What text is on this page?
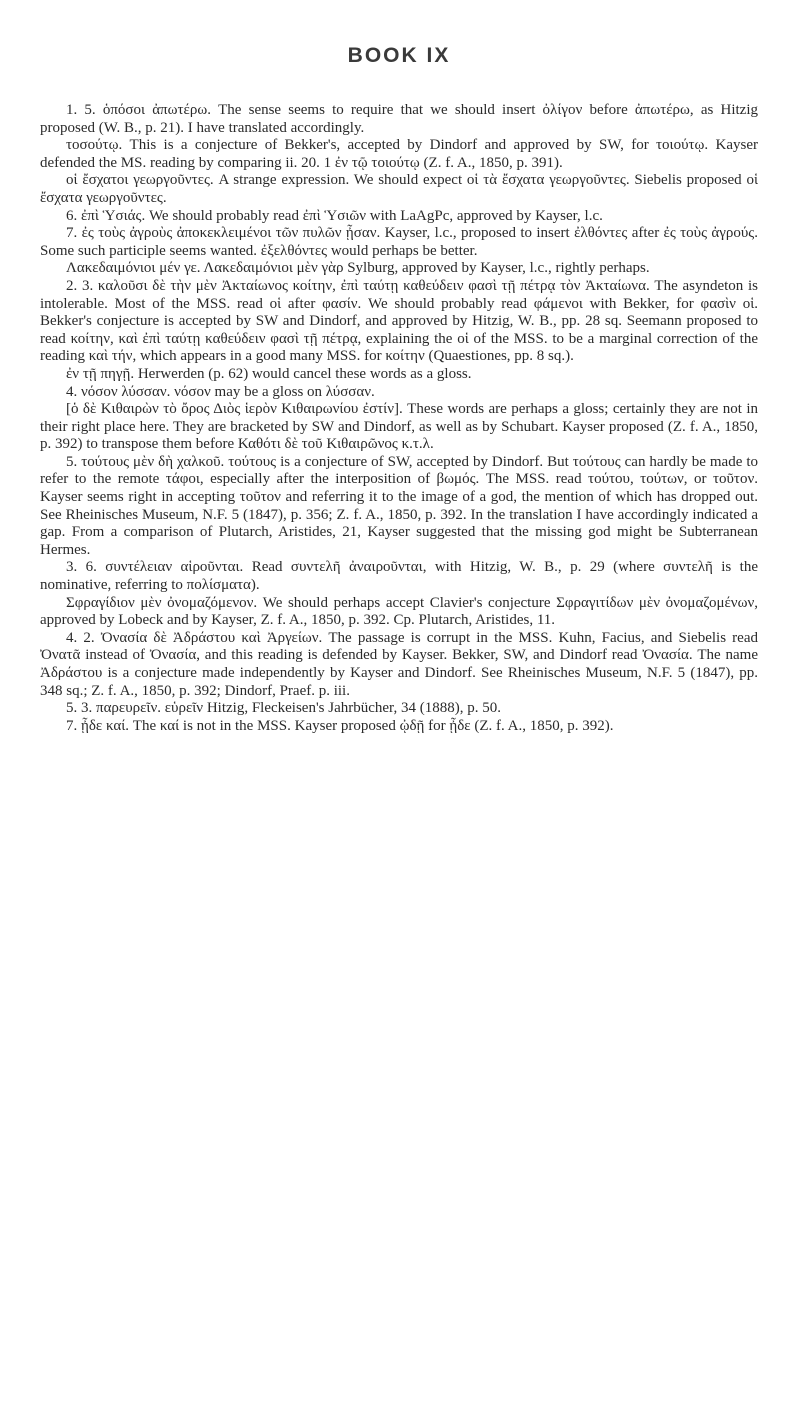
BOOK IX

1. 5. ὁπόσοι ἀπωτέρω. The sense seems to require that we should insert ὀλίγον before ἀπωτέρω, as Hitzig proposed (W. B., p. 21). I have translated accordingly.

τοσούτῳ. This is a conjecture of Bekker's, accepted by Dindorf and approved by SW, for τοιούτῳ. Kayser defended the MS. reading by comparing ii. 20. 1 ἐν τῷ τοιούτῳ (Z. f. A., 1850, p. 391).

οἱ ἔσχατοι γεωργοῦντες. A strange expression. We should expect οἱ τὰ ἔσχατα γεωργοῦντες. Siebelis proposed οἱ ἔσχατα γεωργοῦντες.

6. ἐπὶ Ὑσιάς. We should probably read ἐπὶ Ὑσιῶν with LaAgPc, approved by Kayser, l.c.

7. ἐς τοὺς ἀγροὺς ἀποκεκλειμένοι τῶν πυλῶν ᾖσαν. Kayser, l.c., proposed to insert ἐλθόντες after ἐς τοὺς ἀγρούς. Some such participle seems wanted. ἐξελθόντες would perhaps be better.

Λακεδαιμόνιοι μέν γε. Λακεδαιμόνιοι μὲν γὰρ Sylburg, approved by Kayser, l.c., rightly perhaps.

2. 3. καλοῦσι δὲ τὴν μὲν Ἀκταίωνος κοίτην, ἐπὶ ταύτῃ καθεύδειν φασὶ τῇ πέτρᾳ τὸν Ἀκταίωνα. The asyndeton is intolerable. Most of the MSS. read οἱ after φασίν. We should probably read φάμενοι with Bekker, for φασὶν οἱ. Bekker's conjecture is accepted by SW and Dindorf, and approved by Hitzig, W. B., pp. 28 sq. Seemann proposed to read κοίτην, καὶ ἐπὶ ταύτῃ καθεύδειν φασὶ τῇ πέτρᾳ, explaining the οἱ of the MSS. to be a marginal correction of the reading καὶ τήν, which appears in a good many MSS. for κοίτην (Quaestiones, pp. 8 sq.).

ἐν τῇ πηγῇ. Herwerden (p. 62) would cancel these words as a gloss.

4. νόσον λύσσαν. νόσον may be a gloss on λύσσαν.

[ὁ δὲ Κιθαιρὼν τὸ ὄρος Διὸς ἱερὸν Κιθαιρωνίου ἐστίν]. These words are perhaps a gloss; certainly they are not in their right place here. They are bracketed by SW and Dindorf, as well as by Schubart. Kayser proposed (Z. f. A., 1850, p. 392) to transpose them before Καθότι δὲ τοῦ Κιθαιρῶνος κ.τ.λ.

5. τούτους μὲν δὴ χαλκοῦ. τούτους is a conjecture of SW, accepted by Dindorf. But τούτους can hardly be made to refer to the remote τάφοι, especially after the interposition of βωμός. The MSS. read τούτου, τούτων, or τοῦτον. Kayser seems right in accepting τοῦτον and referring it to the image of a god, the mention of which has dropped out. See Rheinisches Museum, N.F. 5 (1847), p. 356; Z. f. A., 1850, p. 392. In the translation I have accordingly indicated a gap. From a comparison of Plutarch, Aristides, 21, Kayser suggested that the missing god might be Subterranean Hermes.

3. 6. συντέλειαν αἱροῦνται. Read συντελῆ ἀναιροῦνται, with Hitzig, W. B., p. 29 (where συντελῆ is the nominative, referring to πολίσματα).

Σφραγίδιον μὲν ὀνομαζόμενον. We should perhaps accept Clavier's conjecture Σφραγιτίδων μὲν ὀνομαζομένων, approved by Lobeck and by Kayser, Z. f. A., 1850, p. 392. Cp. Plutarch, Aristides, 11.

4. 2. Ὀνασία δὲ Ἀδράστου καὶ Ἀργείων. The passage is corrupt in the MSS. Kuhn, Facius, and Siebelis read Ὀνατᾶ instead of Ὀνασία, and this reading is defended by Kayser. Bekker, SW, and Dindorf read Ὀνασία. The name Ἀδράστου is a conjecture made independently by Kayser and Dindorf. See Rheinisches Museum, N.F. 5 (1847), pp. 348 sq.; Z. f. A., 1850, p. 392; Dindorf, Praef. p. iii.

5. 3. παρευρεῖν. εὑρεῖν Hitzig, Fleckeisen's Jahrbücher, 34 (1888), p. 50.

7. ᾖδε καί. The καί is not in the MSS. Kayser proposed ᾠδῇ for ᾖδε (Z. f. A., 1850, p. 392).
